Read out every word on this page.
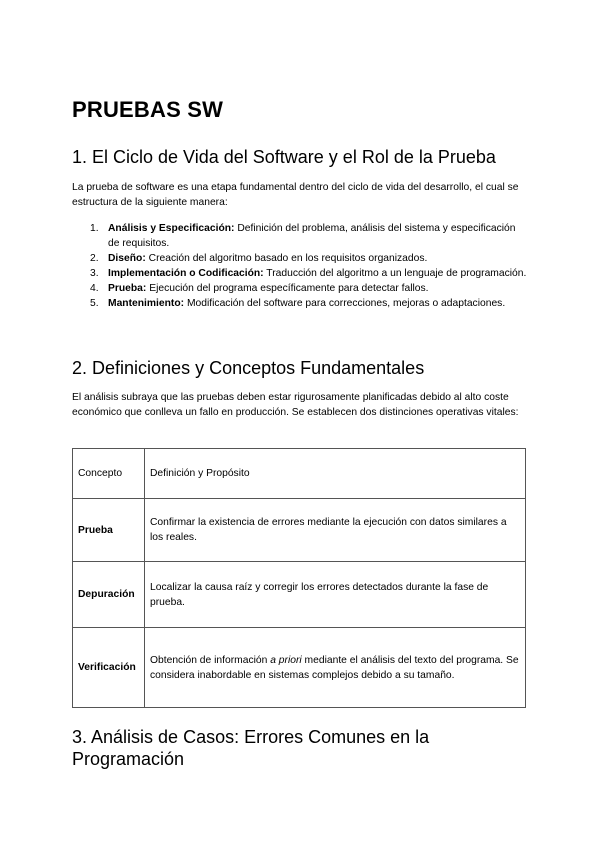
PRUEBAS SW
1. El Ciclo de Vida del Software y el Rol de la Prueba

La prueba de software es una etapa fundamental dentro del ciclo de vida del desarrollo, el cual se estructura de la siguiente manera:

1. Análisis y Especificación: Definición del problema, análisis del sistema y especificación de requisitos.
2. Diseño: Creación del algoritmo basado en los requisitos organizados.
3. Implementación o Codificación: Traducción del algoritmo a un lenguaje de programación.
4. Prueba: Ejecución del programa específicamente para detectar fallos.
5. Mantenimiento: Modificación del software para correcciones, mejoras o adaptaciones.
2. Definiciones y Conceptos Fundamentales

El análisis subraya que las pruebas deben estar rigurosamente planificadas debido al alto coste económico que conlleva un fallo en producción. Se establecen dos distinciones operativas vitales:

Concepto	Definición y Propósito
Prueba	Confirmar la existencia de errores mediante la ejecución con datos similares a los reales.
Depuración	Localizar la causa raíz y corregir los errores detectados durante la fase de prueba.
Verificación	Obtención de información a priori mediante el análisis del texto del programa. Se considera inabordable en sistemas complejos debido a su tamaño.
3. Análisis de Casos: Errores Comunes en la Programación
